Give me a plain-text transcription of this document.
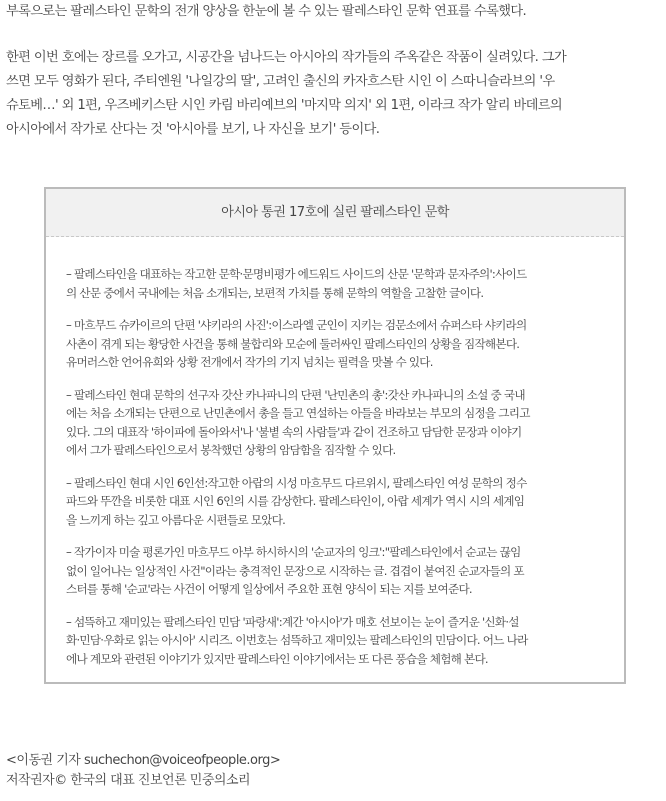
부록으로는 팔레스타인 문학의 전개 양상을 한눈에 볼 수 있는 팔레스타인 문학 연표를 수록했다.
한편 이번 호에는 장르를 오가고, 시공간을 넘나드는 아시아의 작가들의 주옥같은 작품이 실려있다. 그가
쓰면 모두 영화가 된다, 주티엔원 '나일강의 딸', 고려인 출신의 카자흐스탄 시인 이 스따니슬라브의 '우
슈토베…' 외 1편, 우즈베키스탄 시인 카림 바리예브의 '마지막 의지' 외 1편, 이라크 작가 알리 바데르의
아시아에서 작가로 산다는 것 '아시아를 보기, 나 자신을 보기' 등이다.
아시아 통권 17호에 실린 팔레스타인 문학
– 팔레스타인을 대표하는 작고한 문학·문명비평가 에드워드 사이드의 산문 '문학과 문자주의':사이드
의 산문 중에서 국내에는 처음 소개되는, 보편적 가치를 통해 문학의 역할을 고찰한 글이다.
– 마흐무드 슈카이르의 단편 '샤키라의 사진':이스라엘 군인이 지키는 검문소에서 슈퍼스타 샤키라의
사촌이 겪게 되는 황당한 사건을 통해 불합리와 모순에 둘러싸인 팔레스타인의 상황을 짐작해본다.
유머러스한 언어유희와 상황 전개에서 작가의 기지 넘치는 필력을 맛볼 수 있다.
– 팔레스타인 현대 문학의 선구자 갓산 카나파니의 단편 '난민촌의 총':갓산 카나파니의 소설 중 국내
에는 처음 소개되는 단편으로 난민촌에서 총을 들고 연설하는 아들을 바라보는 부모의 심정을 그리고
있다. 그의 대표작 '하이파에 돌아와서'나 '불볕 속의 사람들'과 같이 건조하고 담담한 문장과 이야기
에서 그가 팔레스타인으로서 봉착했던 상황의 암담함을 짐작할 수 있다.
– 팔레스타인 현대 시인 6인선:작고한 아랍의 시성 마흐무드 다르위시, 팔레스타인 여성 문학의 정수
파드와 뚜깐을 비롯한 대표 시인 6인의 시를 감상한다. 팔레스타인이, 아랍 세계가 역시 시의 세계임
을 느끼게 하는 깊고 아름다운 시편들로 모았다.
– 작가이자 미술 평론가인 마흐무드 아부 하시하시의 '순교자의 잉크':"팔레스타인에서 순교는 끊임
없이 일어나는 일상적인 사건"이라는 충격적인 문장으로 시작하는 글. 겹겹이 붙여진 순교자들의 포
스터를 통해 '순교'라는 사건이 어떻게 일상에서 주요한 표현 양식이 되는 지를 보여준다.
– 섬뜩하고 재미있는 팔레스타인 민담 '파랑새':계간 '아시아'가 매호 선보이는 눈이 즐거운 '신화·설
화·민담·우화로 읽는 아시아' 시리즈. 이번호는 섬뜩하고 재미있는 팔레스타인의 민담이다. 어느 나라
에나 계모와 관련된 이야기가 있지만 팔레스타인 이야기에서는 또 다른 풍습을 체험해 본다.
<이동권 기자 suchechon@voiceofpeople.org>
저작권자© 한국의 대표 진보언론 민중의소리
